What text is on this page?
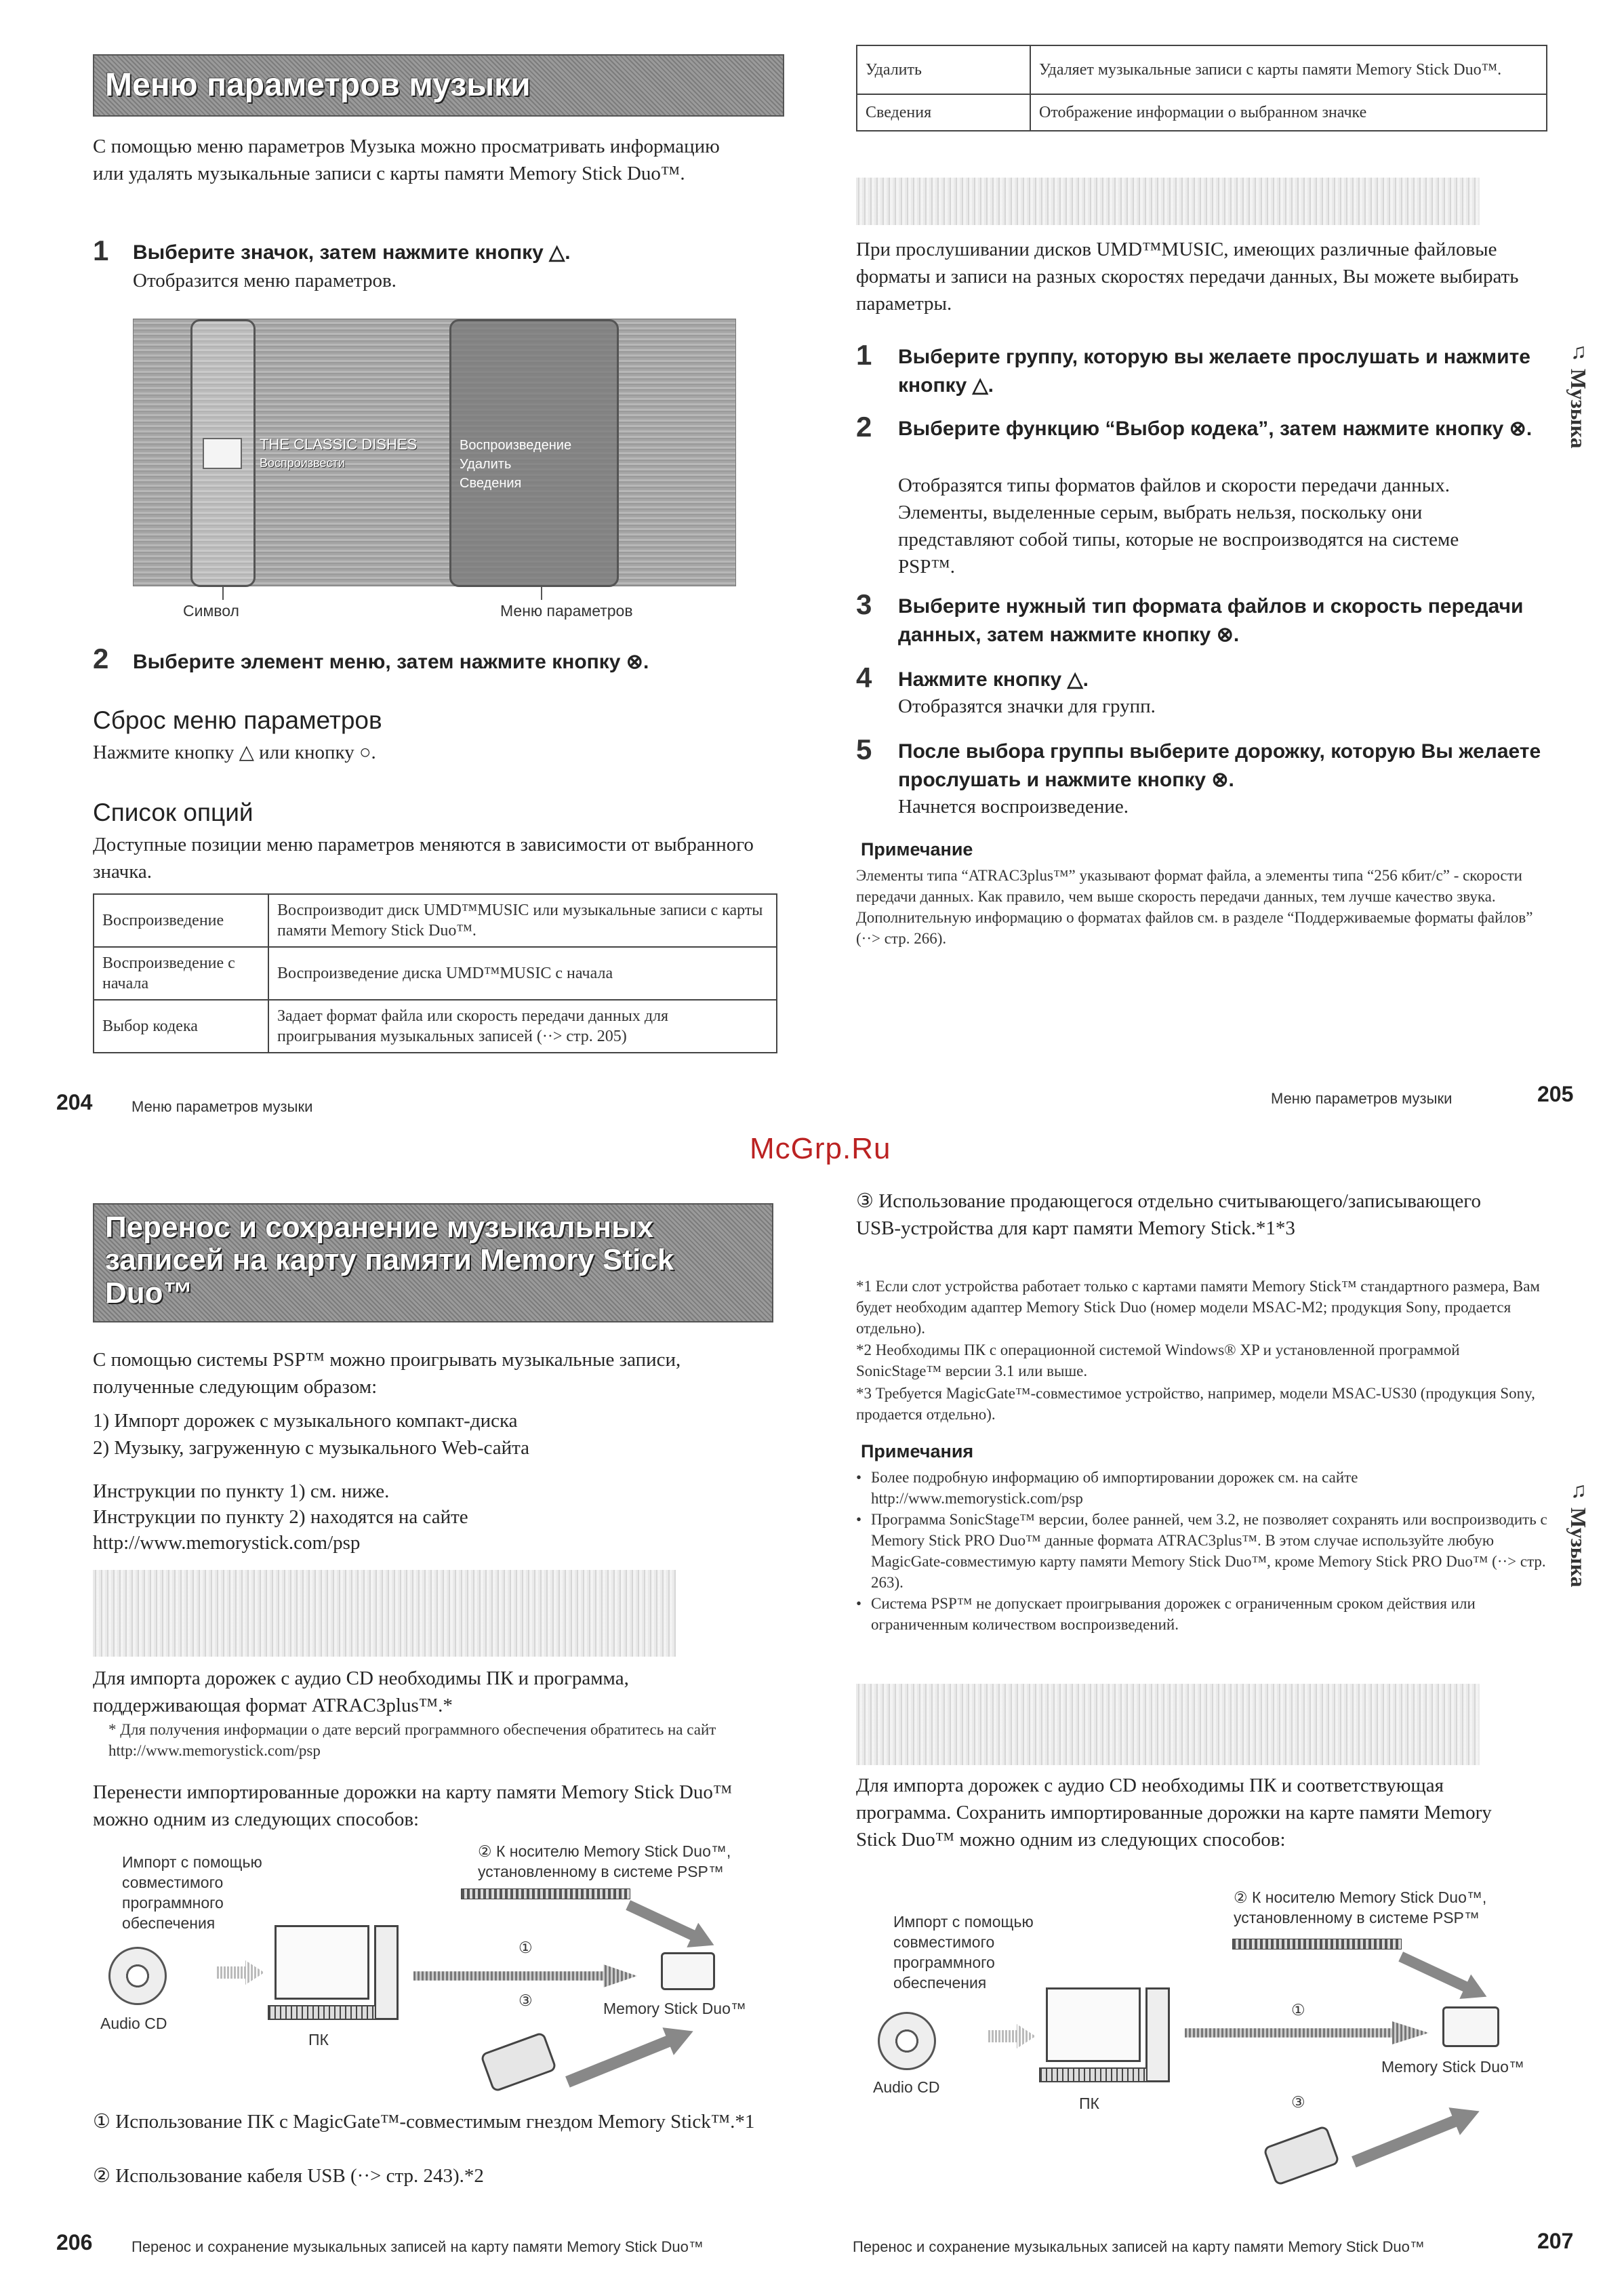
Меню параметров музыки
С помощью меню параметров Музыка можно просматривать информацию или удалять музыкальные записи с карты памяти Memory Stick Duo™.
1 Выберите значок, затем нажмите кнопку △.
Отобразится меню параметров.
THE CLASSIC DISHES
Воспроизвести
Воспроизведение
Удалить
Сведения
Символ	Меню параметров
2 Выберите элемент меню, затем нажмите кнопку ⊗.
Сброс меню параметров
Нажмите кнопку △ или кнопку ○.
Список опций
Доступные позиции меню параметров меняются в зависимости от выбранного значка.
Воспроизведение	Воспроизводит диск UMD™MUSIC или музыкальные записи с карты памяти Memory Stick Duo™.
Воспроизведение с начала	Воспроизведение диска UMD™MUSIC с начала
Выбор кодека	Задает формат файла или скорость передачи данных для проигрывания музыкальных записей (··> стр. 205)
204	Меню параметров музыки
Удалить	Удаляет музыкальные записи с карты памяти Memory Stick Duo™.
Сведения	Отображение информации о выбранном значке
При прослушивании дисков UMD™MUSIC, имеющих различные файловые форматы и записи на разных скоростях передачи данных, Вы можете выбирать параметры.
1 Выберите группу, которую вы желаете прослушать и нажмите кнопку △.
2 Выберите функцию “Выбор кодека”, затем нажмите кнопку ⊗.
Отобразятся типы форматов файлов и скорости передачи данных. Элементы, выделенные серым, выбрать нельзя, поскольку они представляют собой типы, которые не воспроизводятся на системе PSP™.
3 Выберите нужный тип формата файлов и скорость передачи данных, затем нажмите кнопку ⊗.
4 Нажмите кнопку △.
Отобразятся значки для групп.
5 После выбора группы выберите дорожку, которую Вы желаете прослушать и нажмите кнопку ⊗.
Начнется воспроизведение.
Примечание
Элементы типа “ATRAC3plus™” указывают формат файла, а элементы типа “256 кбит/с” - скорости передачи данных. Как правило, чем выше скорость передачи данных, тем лучше качество звука. Дополнительную информацию о форматах файлов см. в разделе “Поддерживаемые форматы файлов” (··> стр. 266).
Меню параметров музыки	205
♫ Музыка
McGrp.Ru
Перенос и сохранение музыкальных
записей на карту памяти Memory Stick
Duo™
С помощью системы PSP™ можно проигрывать музыкальные записи, полученные следующим образом:
1) Импорт дорожек с музыкального компакт-диска
2) Музыку, загруженную с музыкального Web-сайта
Инструкции по пункту 1) см. ниже.
Инструкции по пункту 2) находятся на сайте
http://www.memorystick.com/psp
Для импорта дорожек с аудио CD необходимы ПК и программа, поддерживающая формат ATRAC3plus™.*
* Для получения информации о дате версий программного обеспечения обратитесь на сайт http://www.memorystick.com/psp
Перенести импортированные дорожки на карту памяти Memory Stick Duo™ можно одним из следующих способов:
Импорт с помощью совместимого программного обеспечения
Audio CD
ПК
② К носителю Memory Stick Duo™, установленному в системе PSP™
①
Memory Stick Duo™
③
① Использование ПК с MagicGate™-совместимым гнездом Memory Stick™.*1
② Использование кабеля USB (··> стр. 243).*2
206	Перенос и сохранение музыкальных записей на карту памяти Memory Stick Duo™
③ Использование продающегося отдельно считывающего/записывающего USB-устройства для карт памяти Memory Stick.*1*3
*1 Если слот устройства работает только с картами памяти Memory Stick™ стандартного размера, Вам будет необходим адаптер Memory Stick Duo (номер модели MSAC-M2; продукция Sony, продается отдельно).
*2 Необходимы ПК с операционной системой Windows® XP и установленной программой SonicStage™ версии 3.1 или выше.
*3 Требуется MagicGate™-совместимое устройство, например, модели MSAC-US30 (продукция Sony, продается отдельно).
Примечания
• Более подробную информацию об импортировании дорожек см. на сайте http://www.memorystick.com/psp
• Программа SonicStage™ версии, более ранней, чем 3.2, не позволяет сохранять или воспроизводить с Memory Stick PRO Duo™ данные формата ATRAC3plus™. В этом случае используйте любую MagicGate-совместимую карту памяти Memory Stick Duo™, кроме Memory Stick PRO Duo™ (··> стр. 263).
• Система PSP™ не допускает проигрывания дорожек с ограниченным сроком действия или ограниченным количеством воспроизведений.
Для импорта дорожек с аудио CD необходимы ПК и соответствующая программа. Сохранить импортированные дорожки на карте памяти Memory Stick Duo™ можно одним из следующих способов:
Импорт с помощью совместимого программного обеспечения
Audio CD
ПК
② К носителю Memory Stick Duo™, установленному в системе PSP™
①
Memory Stick Duo™
③
Перенос и сохранение музыкальных записей на карту памяти Memory Stick Duo™	207
♫ Музыка
